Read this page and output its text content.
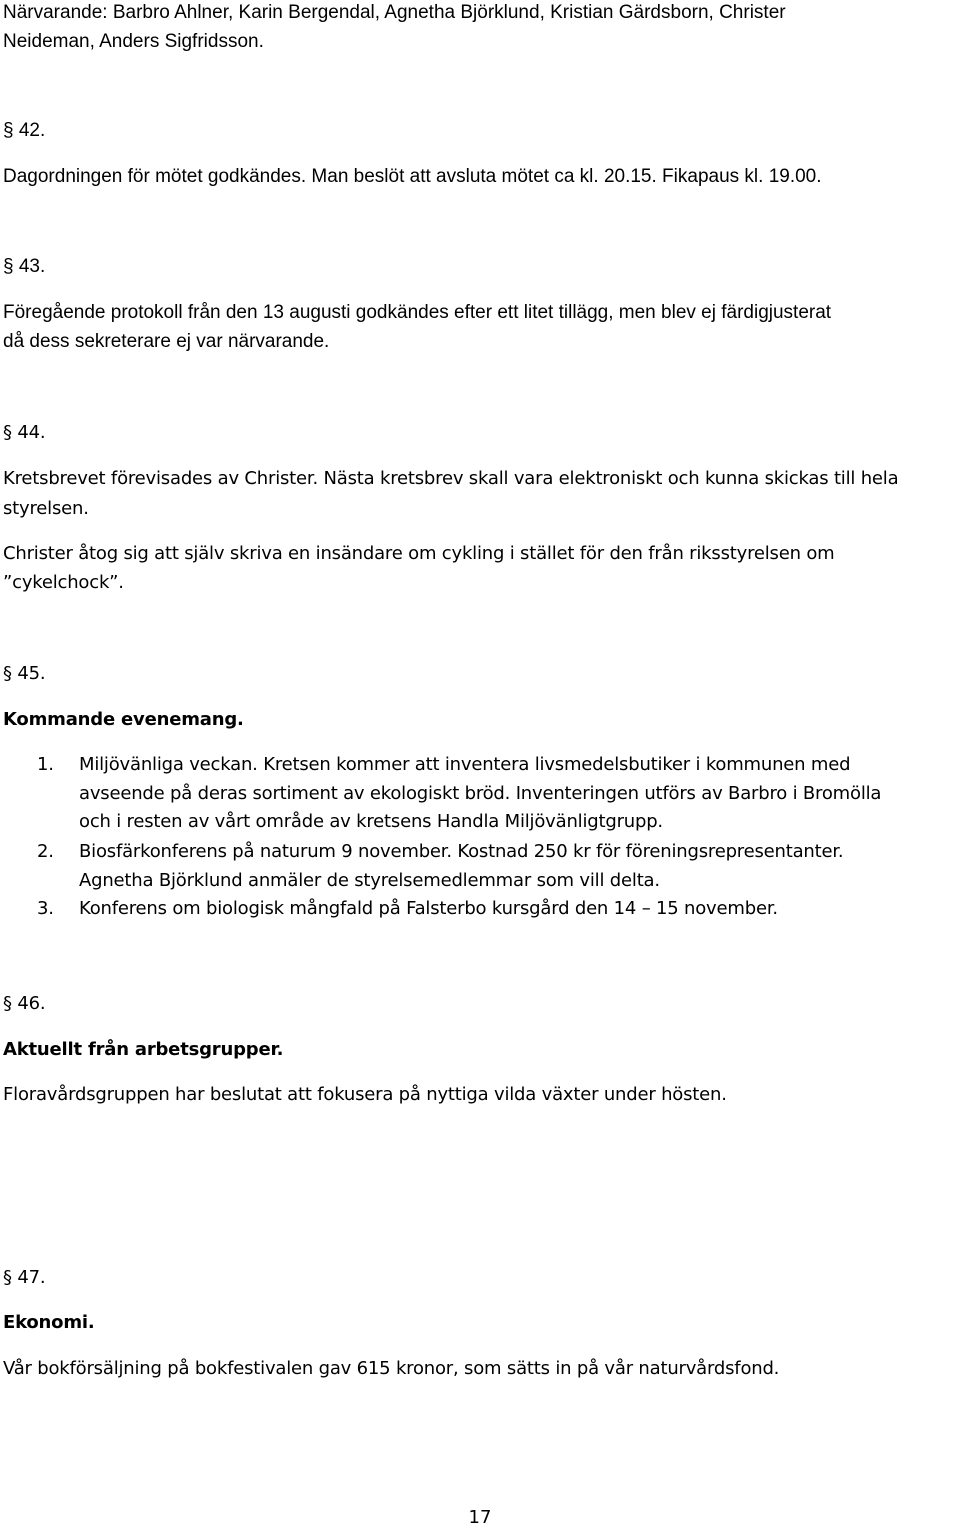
Närvarande: Barbro Ahlner, Karin Bergendal, Agnetha Björklund, Kristian Gärdsborn, Christer

Neideman, Anders Sigfridsson.

§ 42.

Dagordningen för mötet godkändes. Man beslöt att avsluta mötet ca kl. 20.15. Fikapaus kl. 19.00.

§ 43.

Föregående protokoll från den 13 augusti godkändes efter ett litet tillägg, men blev ej färdigjusterat

då dess sekreterare ej var närvarande.

§ 44.

Kretsbrevet förevisades av Christer. Nästa kretsbrev skall vara elektroniskt och kunna skickas till hela

styrelsen.

Christer åtog sig att själv skriva en insändare om cykling i stället för den från riksstyrelsen om

”cykelchock”.

§ 45.

Kommande evenemang.

1. Miljövänliga veckan. Kretsen kommer att inventera livsmedelsbutiker i kommunen med
avseende på deras sortiment av ekologiskt bröd. Inventeringen utförs av Barbro i Bromölla
och i resten av vårt område av kretsens Handla Miljövänligtgrupp.
2. Biosfärkonferens på naturum 9 november. Kostnad 250 kr för föreningsrepresentanter.
Agnetha Björklund anmäler de styrelsemedlemmar som vill delta.
3. Konferens om biologisk mångfald på Falsterbo kursgård den 14 – 15 november.

§ 46.

Aktuellt från arbetsgrupper.

Floravårdsgruppen har beslutat att fokusera på nyttiga vilda växter under hösten.

§ 47.

Ekonomi.

Vår bokförsäljning på bokfestivalen gav 615 kronor, som sätts in på vår naturvårdsfond.

17
